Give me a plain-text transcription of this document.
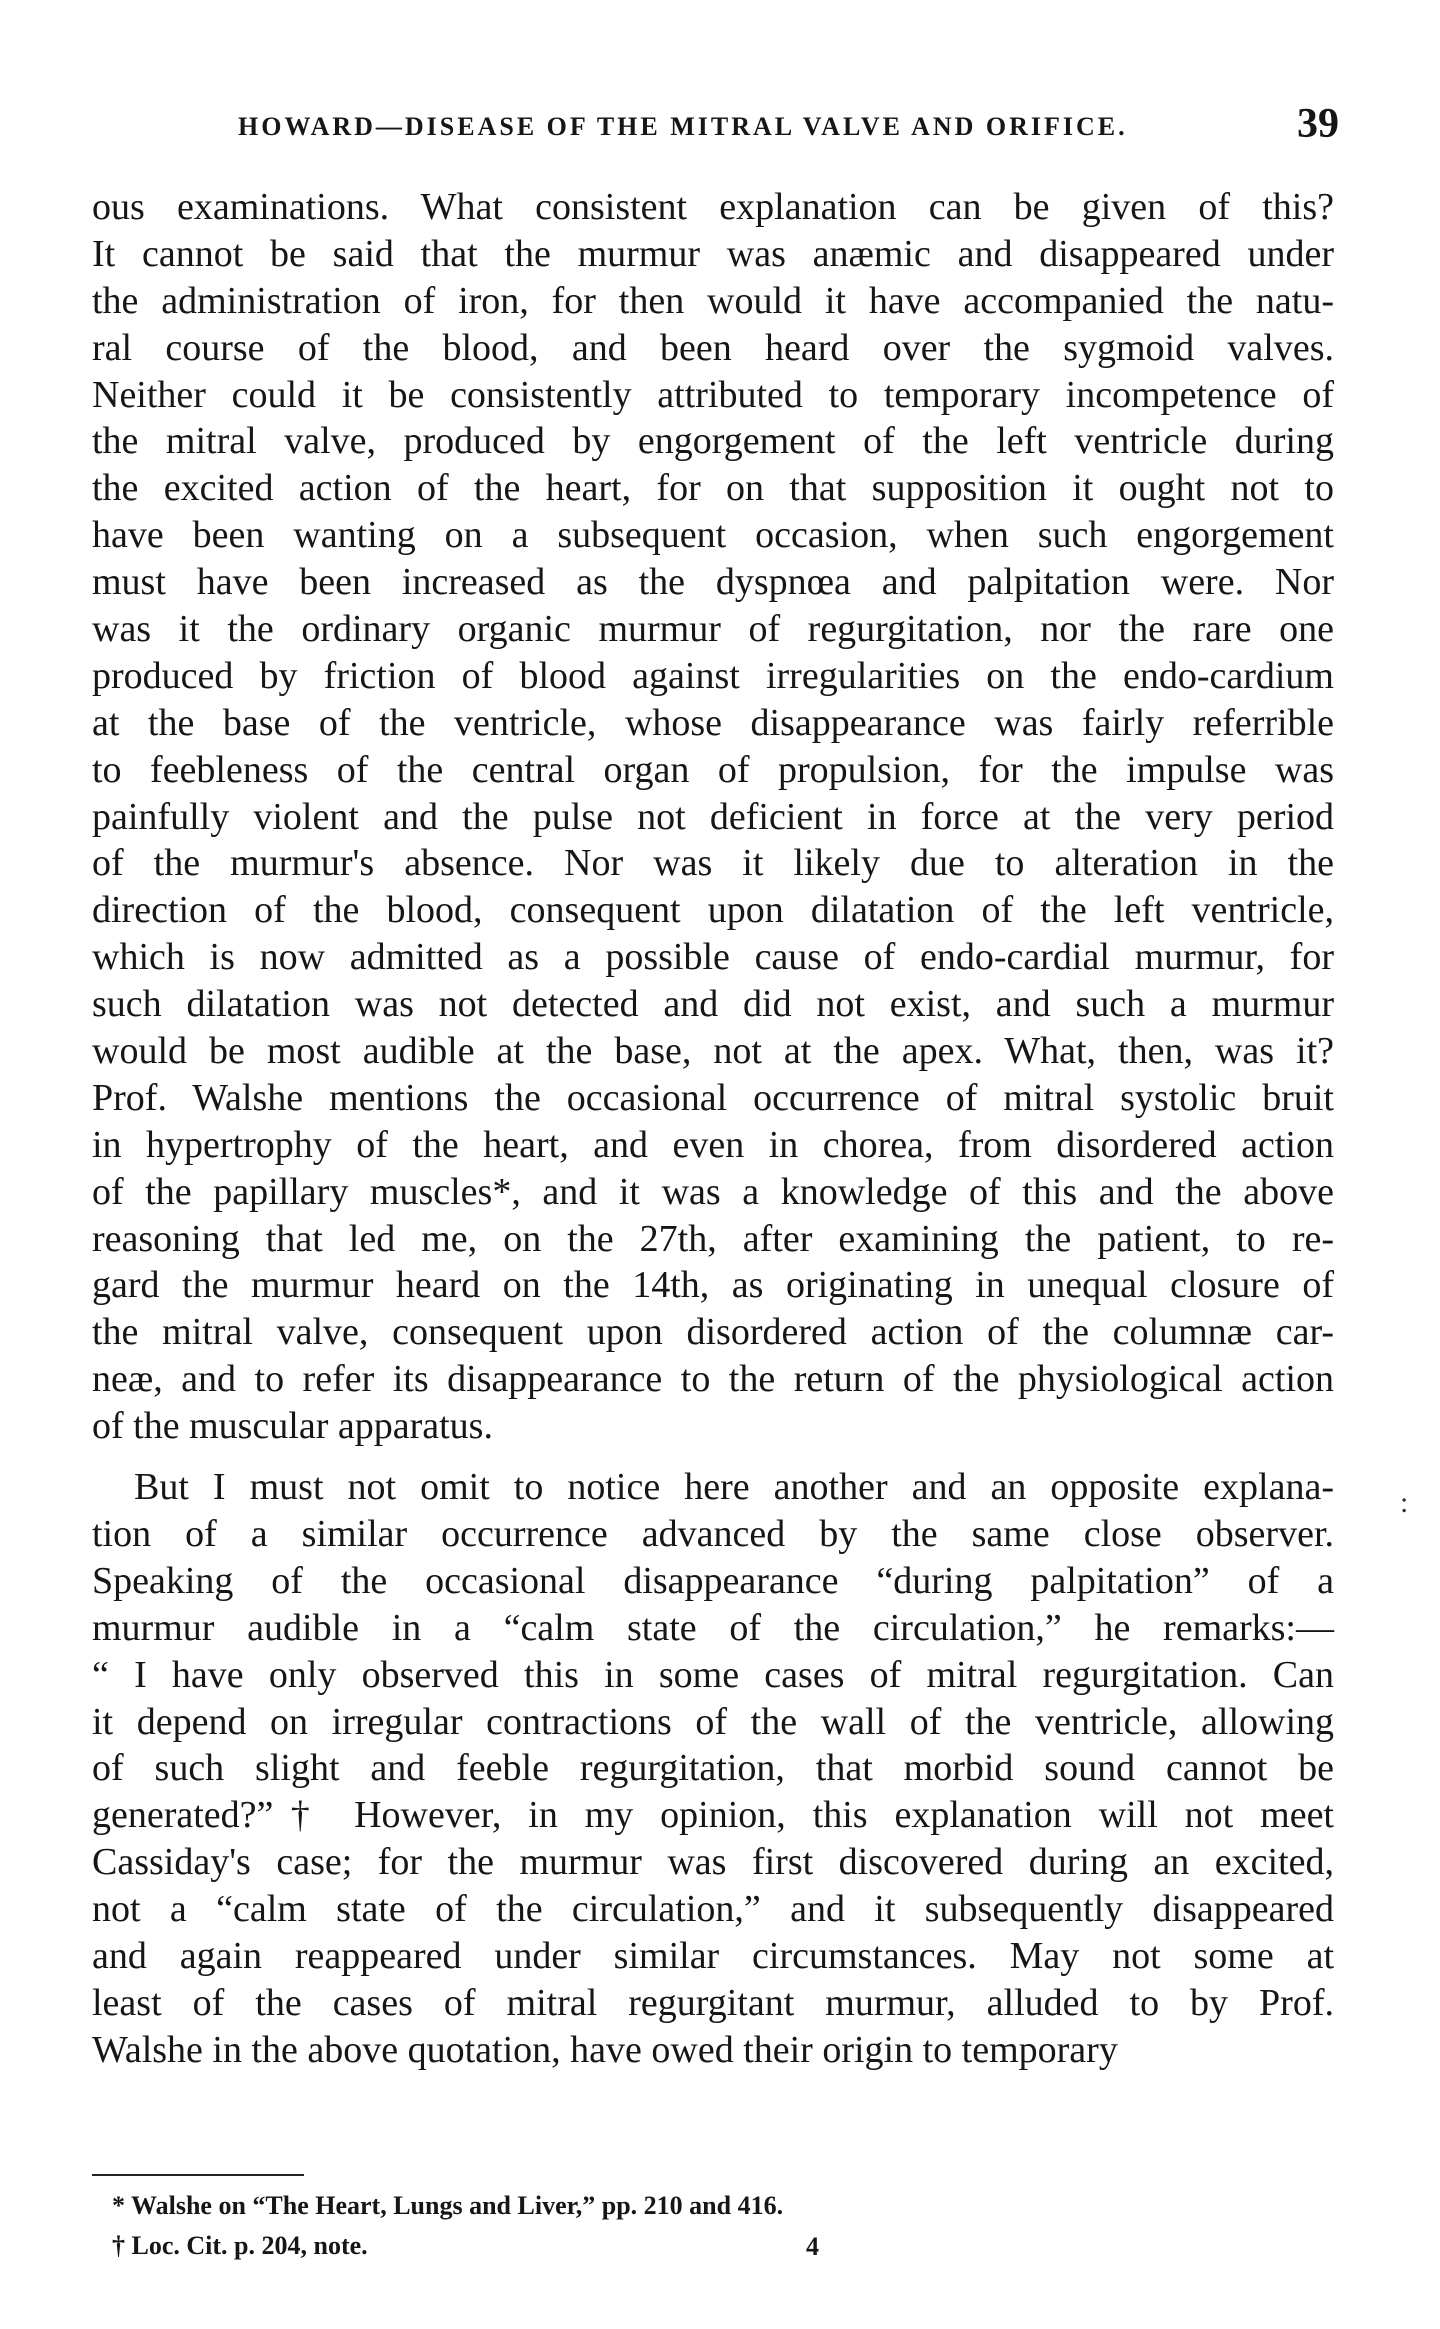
HOWARD—DISEASE OF THE MITRAL VALVE AND ORIFICE.	39
ous examinations. What consistent explanation can be given of this?
It cannot be said that the murmur was anæmic and disappeared under
the administration of iron, for then would it have accompanied the natu-
ral course of the blood, and been heard over the sygmoid valves.
Neither could it be consistently attributed to temporary incompetence of
the mitral valve, produced by engorgement of the left ventricle during
the excited action of the heart, for on that supposition it ought not to
have been wanting on a subsequent occasion, when such engorgement
must have been increased as the dyspnœa and palpitation were. Nor
was it the ordinary organic murmur of regurgitation, nor the rare one
produced by friction of blood against irregularities on the endo-cardium
at the base of the ventricle, whose disappearance was fairly referrible
to feebleness of the central organ of propulsion, for the impulse was
painfully violent and the pulse not deficient in force at the very period
of the murmur's absence. Nor was it likely due to alteration in the
direction of the blood, consequent upon dilatation of the left ventricle,
which is now admitted as a possible cause of endo-cardial murmur, for
such dilatation was not detected and did not exist, and such a murmur
would be most audible at the base, not at the apex. What, then, was it?
Prof. Walshe mentions the occasional occurrence of mitral systolic bruit
in hypertrophy of the heart, and even in chorea, from disordered action
of the papillary muscles*, and it was a knowledge of this and the above
reasoning that led me, on the 27th, after examining the patient, to re-
gard the murmur heard on the 14th, as originating in unequal closure of
the mitral valve, consequent upon disordered action of the columnæ car-
neæ, and to refer its disappearance to the return of the physiological action
of the muscular apparatus.
But I must not omit to notice here another and an opposite explana-
tion of a similar occurrence advanced by the same close observer.
Speaking of the occasional disappearance “during palpitation” of a
murmur audible in a “calm state of the circulation,” he remarks:—
“ I have only observed this in some cases of mitral regurgitation. Can
it depend on irregular contractions of the wall of the ventricle, allowing
of such slight and feeble regurgitation, that morbid sound cannot be
generated?”† However, in my opinion, this explanation will not meet
Cassiday's case; for the murmur was first discovered during an excited,
not a “calm state of the circulation,” and it subsequently disappeared
and again reappeared under similar circumstances. May not some at
least of the cases of mitral regurgitant murmur, alluded to by Prof.
Walshe in the above quotation, have owed their origin to temporary
:
* Walshe on “The Heart, Lungs and Liver,” pp. 210 and 416.
† Loc. Cit. p. 204, note.	4
